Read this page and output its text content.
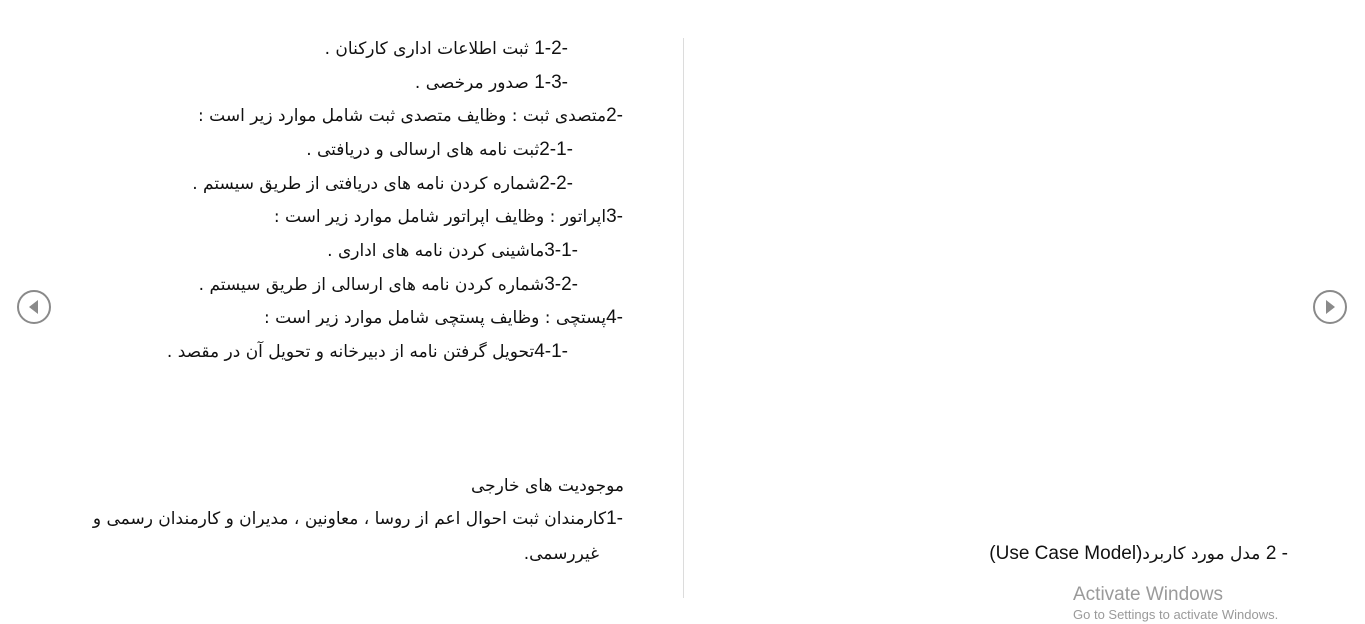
1-2- ثبت اطلاعات اداری کارکنان .
1-3- صدور مرخصی .
2-متصدی ثبت : وظایف متصدی ثبت شامل موارد زیر است :
2-1-ثبت نامه های ارسالی و دریافتی .
2-2-شماره کردن نامه های دریافتی از طریق سیستم .
3-اپراتور : وظایف اپراتور شامل موارد زیر است :
3-1-ماشینی کردن نامه های اداری .
3-2-شماره کردن نامه های ارسالی از طریق سیستم .
4-پستچی : وظایف پستچی شامل موارد زیر است :
4-1-تحویل گرفتن نامه از دبیرخانه و تحویل آن در مقصد .
موجودیت های خارجی
1-کارمندان ثبت احوال اعم از روسا ، معاونین ، مدیران و کارمندان رسمی و
غیررسمی.	2 - مدل مورد کاربرد(Use Case Model)
Activate Windows
Go to Settings to activate Windows.
